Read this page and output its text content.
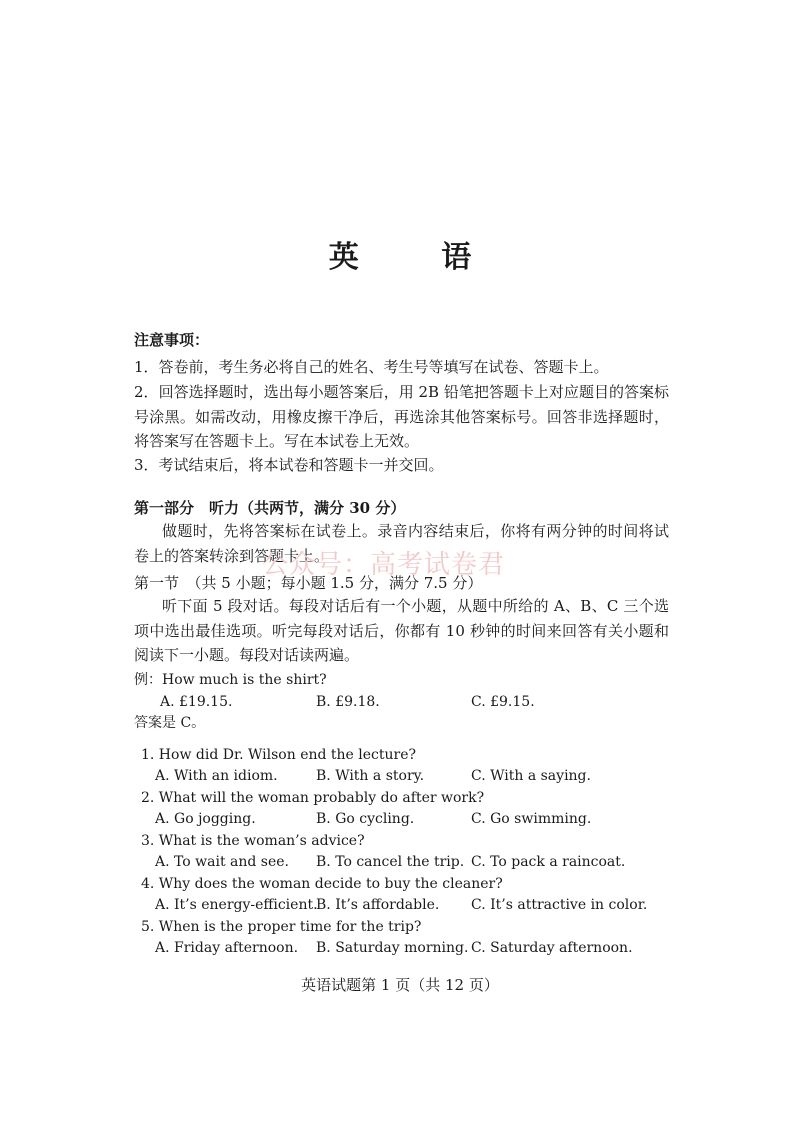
英 语
注意事项：
1．答卷前，考生务必将自己的姓名、考生号等填写在试卷、答题卡上。
2．回答选择题时，选出每小题答案后，用 2B 铅笔把答题卡上对应题目的答案标号涂黑。如需改动，用橡皮擦干净后，再选涂其他答案标号。回答非选择题时，将答案写在答题卡上。写在本试卷上无效。
3．考试结束后，将本试卷和答题卡一并交回。
第一部分　听力（共两节，满分 30 分）
做题时，先将答案标在试卷上。录音内容结束后，你将有两分钟的时间将试卷上的答案转涂到答题卡上。
公众号：高考试卷君
第一节　（共 5 小题；每小题 1.5 分，满分 7.5 分）
听下面 5 段对话。每段对话后有一个小题，从题中所给的 A、B、C 三个选项中选出最佳选项。听完每段对话后，你都有 10 秒钟的时间来回答有关小题和阅读下一小题。每段对话读两遍。
例：How much is the shirt?
A. £19.15.	B. £9.18.	C. £9.15.
答案是 C。
1. How did Dr. Wilson end the lecture?
A. With an idiom.	B. With a story.	C. With a saying.
2. What will the woman probably do after work?
A. Go jogging.	B. Go cycling.	C. Go swimming.
3. What is the woman’s advice?
A. To wait and see. B. To cancel the trip. C. To pack a raincoat.
4. Why does the woman decide to buy the cleaner?
A. It’s energy-efficient.
B. It’s affordable. C. It’s attractive in color.
5. When is the proper time for the trip?
A. Friday afternoon. B. Saturday morning. C. Saturday afternoon.
英语试题第 1 页（共 12 页）
